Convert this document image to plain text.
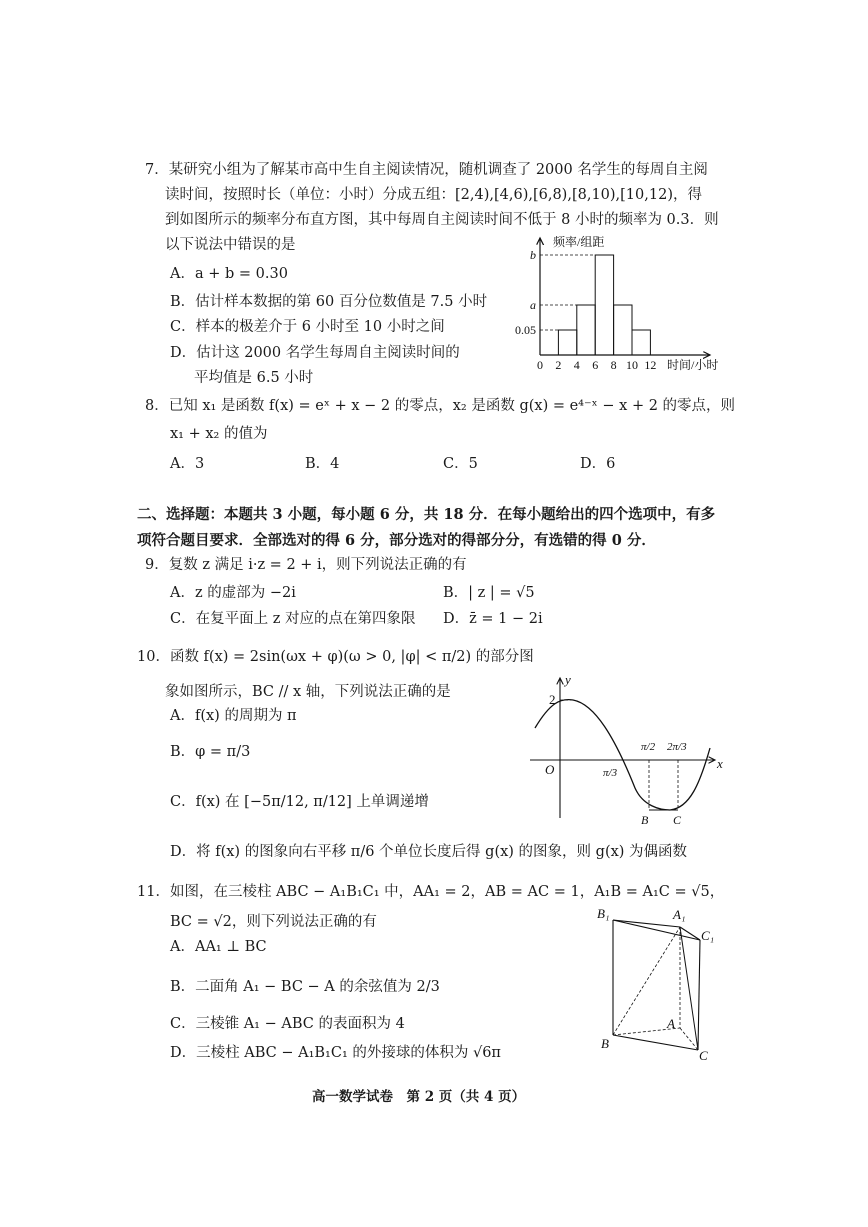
7．某研究小组为了解某市高中生自主阅读情况，随机调查了 2000 名学生的每周自主阅
读时间，按照时长（单位：小时）分成五组：[2,4),[4,6),[6,8),[8,10),[10,12)，得
到如图所示的频率分布直方图，其中每周自主阅读时间不低于 8 小时的频率为 0.3．则
以下说法中错误的是
A．a + b = 0.30
B．估计样本数据的第 60 百分位数值是 7.5 小时
C．样本的极差介于 6 小时至 10 小时之间
D．估计这 2000 名学生每周自主阅读时间的
平均值是 6.5 小时
b
a
0.05
0 2 4 6 8 10 12
频率/组距
时间/小时
8．已知 x₁ 是函数 f(x) = eˣ + x − 2 的零点，x₂ 是函数 g(x) = e⁴⁻ˣ − x + 2 的零点，则
x₁ + x₂ 的值为
A．3	B．4	C．5	D．6
二、选择题：本题共 3 小题，每小题 6 分，共 18 分．在每小题给出的四个选项中，有多
项符合题目要求．全部选对的得 6 分，部分选对的得部分分，有选错的得 0 分．
9．复数 z 满足 i·z = 2 + i，则下列说法正确的有
A．z 的虚部为 −2i	B．| z | = √5
C．在复平面上 z 对应的点在第四象限 D．z̄ = 1 − 2i
10．函数 f(x) = 2sin(ωx + φ)(ω > 0, |φ| < π/2) 的部分图
象如图所示，BC // x 轴，下列说法正确的是
A．f(x) 的周期为 π
B．φ = π/3
C．f(x) 在 [−5π/12, π/12] 上单调递增
D．将 f(x) 的图象向右平移 π/6 个单位长度后得 g(x) 的图象，则 g(x) 为偶函数
y
x
O
2
π/3
π/2 2π/3
B C
11．如图，在三棱柱 ABC − A₁B₁C₁ 中，AA₁ = 2，AB = AC = 1，A₁B = A₁C = √5，
BC = √2，则下列说法正确的有
A．AA₁ ⊥ BC
B．二面角 A₁ − BC − A 的余弦值为 2/3
C．三棱锥 A₁ − ABC 的表面积为 4
D．三棱柱 ABC − A₁B₁C₁ 的外接球的体积为 √6π
B₁	A₁
C₁
A
B
C
高一数学试卷　第 2 页（共 4 页）
